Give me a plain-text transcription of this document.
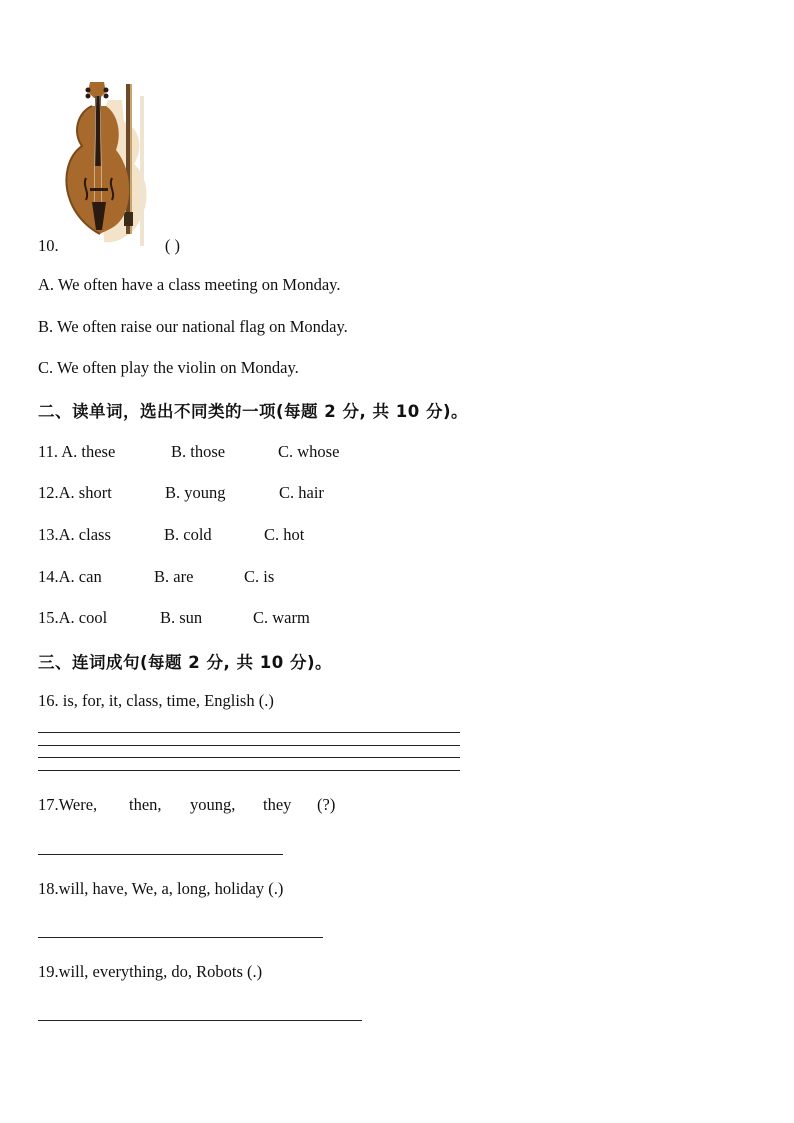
10.	( )
A. We often have a class meeting on Monday.
B. We often raise our national flag on Monday.
C. We often play the violin on Monday.
二、读单词，选出不同类的一项(每题 2 分, 共 10 分)。
11. A. these	B. those	C. whose
12.A. short	B. young	C. hair
13.A. class	B. cold	C. hot
14.A. can	B. are	C. is
15.A. cool	B. sun	C. warm
三、连词成句(每题 2 分, 共 10 分)。
16. is, for, it, class, time, English (.)
17.Were, then, young, they (?)
18.will, have, We, a, long, holiday (.)
19.will, everything, do, Robots (.)
